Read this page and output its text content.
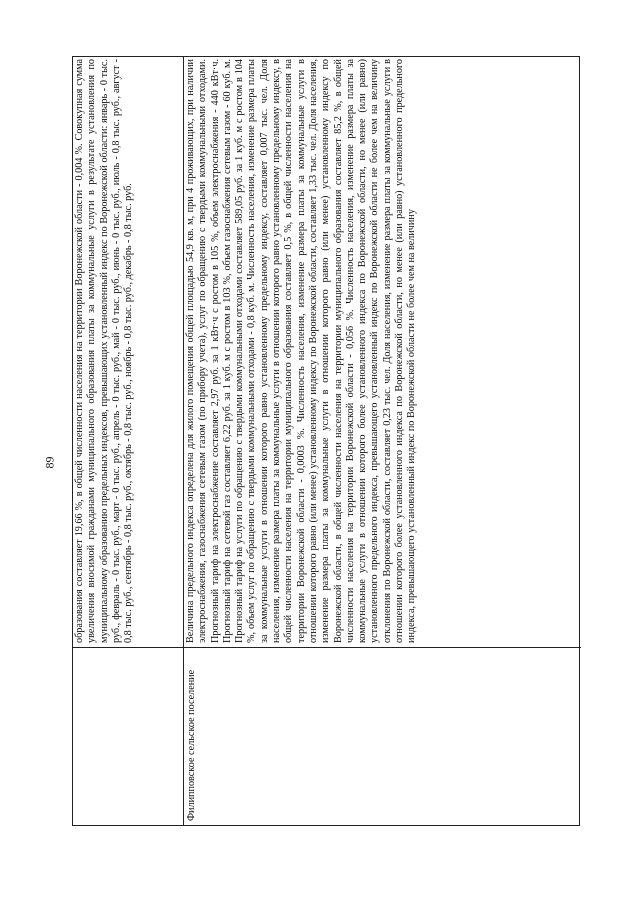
89 образования составляет 19,66 %, в общей численности населения на территории Воронежской области - 0,004 %. Совокупная сумма увеличения вносимой гражданами муниципального образования платы за коммунальные услуги в результате установления по муниципальному образованию предельных индексов, превышающих установленный индекс по Воронежской области: январь - 0 тыс. руб., февраль - 0 тыс. руб., март - 0 тыс. руб., апрель - 0 тыс. руб., май - 0 тыс. руб., июнь - 0 тыс. руб., июль - 0,8 тыс. руб., август - 0,8 тыс. руб., сентябрь - 0,8 тыс. руб., октябрь - 0,8 тыс. руб., ноябрь - 0,8 тыс. руб., декабрь - 0,8 тыс. руб.
Филипповское сельское поселение
Величина предельного индекса определена для жилого помещения общей площадью 54,9 кв. м, при 4 проживающих, при наличии электроснабжения, газоснабжения сетевым газом (по прибору учета), услуг по обращению с твердыми коммунальными отходами. Прогнозный тариф на электроснабжение составляет 2,97 руб. за 1 кВт·ч с ростом в 105 %, объем электроснабжения - 440 кВт·ч. Прогнозный тариф на сетевой газ составляет 6,22 руб. за 1 куб. м с ростом в 103 %, объем газоснабжения сетевым газом - 60 куб. м. Прогнозный тариф на услуги по обращению с твердыми коммунальными отходами составляет 589,05 руб. за 1 куб. м с ростом в 104 %, объем услуг по обращению с твердыми коммунальными отходами - 0,8 куб. м. Численность населения, изменение размера платы за коммунальные услуги в отношении которого равно установленному предельному индексу, составляет 0,007 тыс. чел. Доля населения, изменение размера платы за коммунальные услуги в отношении которого равно установленному предельному индексу, в общей численности населения на территории муниципального образования составляет 0,5 %, в общей численности населения на территории Воронежской области - 0,0003 %. Численность населения, изменение размера платы за коммунальные услуги в отношении которого равно (или менее) установленному индексу по Воронежской области, составляет 1,33 тыс. чел. Доля населения, изменение размера платы за коммунальные услуги в отношении которого равно (или менее) установленному индексу по Воронежской области, в общей численности населения на территории муниципального образования составляет 85,2 %, в общей численности населения на территории Воронежской области - 0,056 %. Численность населения, изменение размера платы за коммунальные услуги в отношении которого более установленного индекса по Воронежской области, но менее (или равно) установленного предельного индекса, превышающего установленный индекс по Воронежской области не более чем на величину отклонения по Воронежской области, составляет 0,23 тыс. чел. Доля населения, изменение размера платы за коммунальные услуги в отношении которого более установленного индекса по Воронежской области, но менее (или равно) установленного предельного индекса, превышающего установленный индекс по Воронежской области не более чем на величину
